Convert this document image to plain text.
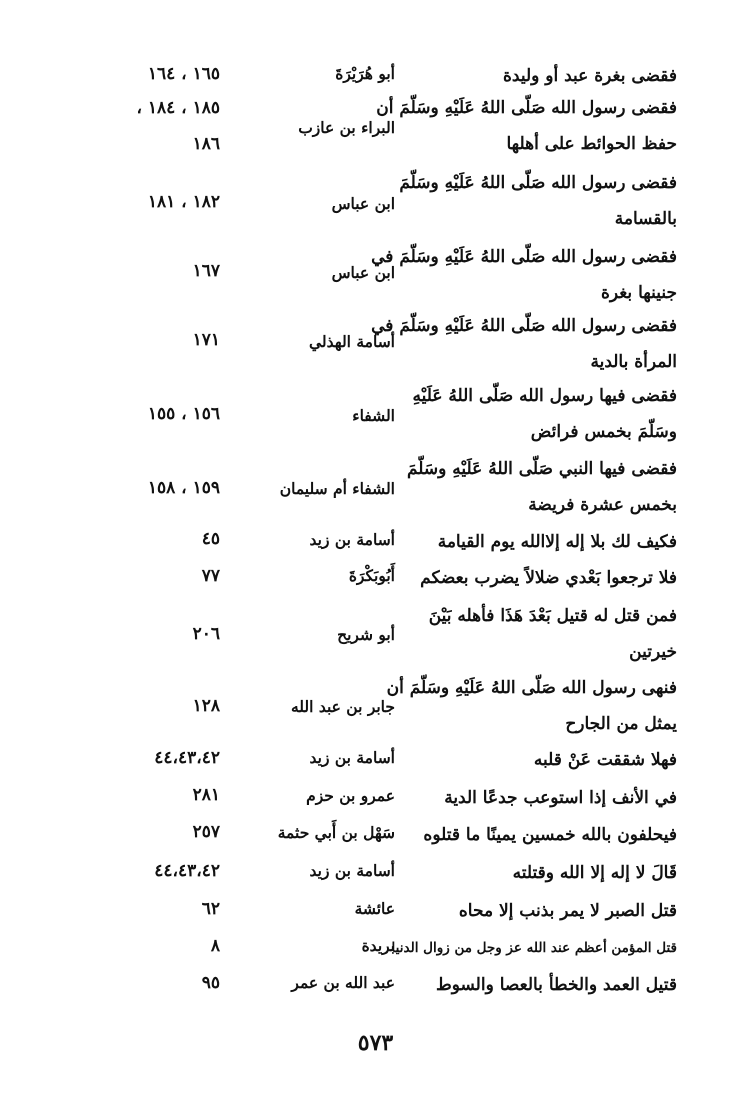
فقضى بغرة عبد أو وليدة
أبو هُرَيْرَةَ
١٦٥ ، ١٦٤
فقضى رسول الله صَلّى اللهُ عَلَيْهِ وسَلّمَ أن
حفظ الحوائط على أهلها
البراء بن عازب
١٨٥ ، ١٨٤ ،
١٨٦
فقضى رسول الله صَلّى اللهُ عَلَيْهِ وسَلّمَ
بالقسامة
ابن عباس
١٨٢ ، ١٨١
فقضى رسول الله صَلّى اللهُ عَلَيْهِ وسَلّمَ في
جنينها بغرة
ابن عباس
١٦٧
فقضى رسول الله صَلّى اللهُ عَلَيْهِ وسَلّمَ في
المرأة بالدية
أسامة الهذلي
١٧١
فقضى فيها رسول الله صَلّى اللهُ عَلَيْهِ
وسَلّمَ بخمس فرائض
الشفاء
١٥٦ ، ١٥٥
فقضى فيها النبي صَلّى اللهُ عَلَيْهِ وسَلّمَ
بخمس عشرة فريضة
الشفاء أم سليمان
١٥٩ ، ١٥٨
فكيف لك بلا إله إلاالله يوم القيامة
أسامة بن زيد
٤٥
فلا ترجعوا بَعْدي ضلالاً يضرب بعضكم
أَبُوبَكْرَةَ
٧٧
فمن قتل له قتيل بَعْدَ هَذَا فأهله بَيْنَ
خيرتين
أبو شريح
٢٠٦
فنهى رسول الله صَلّى اللهُ عَلَيْهِ وسَلّمَ أن
يمثل من الجارح
جابر بن عبد الله
١٢٨
فهلا شققت عَنْ قلبه
أسامة بن زيد
٤٤،٤٣،٤٢
في الأنف إذا استوعب جدعًا الدية
عمرو بن حزم
٢٨١
فيحلفون بالله خمسين يمينًا ما قتلوه
سَهْل بن أَبي حثمة
٢٥٧
قَالَ لا إله إلا الله وقتلته
أسامة بن زيد
٤٤،٤٣،٤٢
قتل الصبر لا يمر بذنب إلا محاه
عائشة
٦٢
قتل المؤمن أعظم عند الله عز وجل من زوال الدنيا
بريدة
٨
قتيل العمد والخطأ بالعصا والسوط
عبد الله بن عمر
٩٥
٥٧٣
